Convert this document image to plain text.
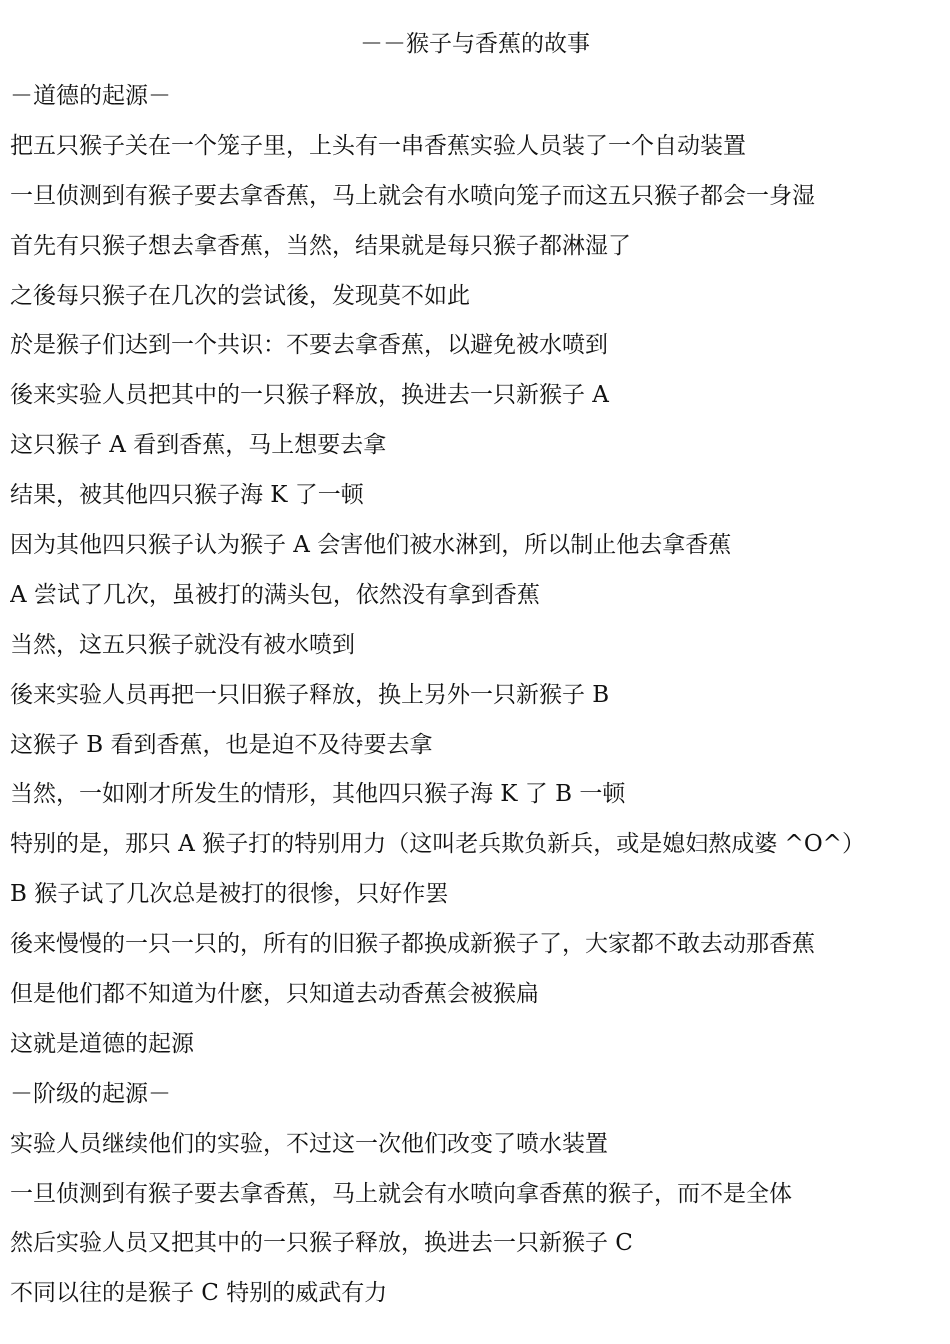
－－猴子与香蕉的故事
－道德的起源－
把五只猴子关在一个笼子里，上头有一串香蕉实验人员装了一个自动装置
一旦侦测到有猴子要去拿香蕉，马上就会有水喷向笼子而这五只猴子都会一身湿
首先有只猴子想去拿香蕉，当然，结果就是每只猴子都淋湿了
之後每只猴子在几次的尝试後，发现莫不如此
於是猴子们达到一个共识：不要去拿香蕉，以避免被水喷到
後来实验人员把其中的一只猴子释放，换进去一只新猴子 A
这只猴子 A 看到香蕉，马上想要去拿
结果，被其他四只猴子海 K 了一顿
因为其他四只猴子认为猴子 A 会害他们被水淋到，所以制止他去拿香蕉
A 尝试了几次，虽被打的满头包，依然没有拿到香蕉
当然，这五只猴子就没有被水喷到
後来实验人员再把一只旧猴子释放，换上另外一只新猴子 B
这猴子 B 看到香蕉，也是迫不及待要去拿
当然，一如刚才所发生的情形，其他四只猴子海 K 了 B 一顿
特别的是，那只 A 猴子打的特别用力（这叫老兵欺负新兵，或是媳妇熬成婆 ^O^）
B 猴子试了几次总是被打的很惨，只好作罢
後来慢慢的一只一只的，所有的旧猴子都换成新猴子了，大家都不敢去动那香蕉
但是他们都不知道为什麽，只知道去动香蕉会被猴扁
这就是道德的起源
－阶级的起源－
实验人员继续他们的实验，不过这一次他们改变了喷水装置
一旦侦测到有猴子要去拿香蕉，马上就会有水喷向拿香蕉的猴子，而不是全体
然后实验人员又把其中的一只猴子释放，换进去一只新猴子 C
不同以往的是猴子 C 特别的威武有力
